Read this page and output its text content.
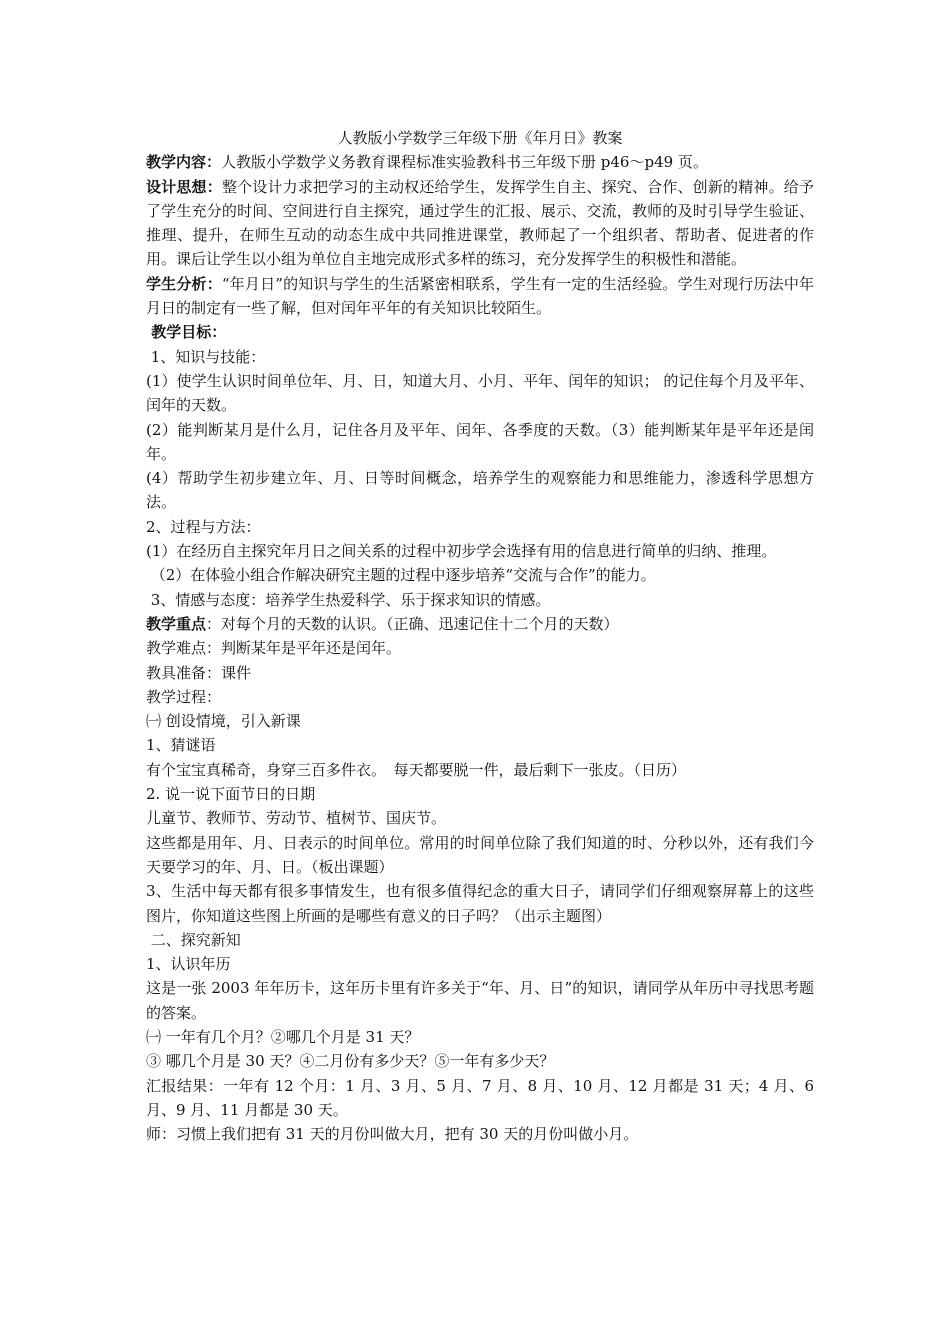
人教版小学数学三年级下册《年月日》教案

教学内容：人教版小学数学义务教育课程标准实验教科书三年级下册 p46～p49 页。

设计思想：整个设计力求把学习的主动权还给学生，发挥学生自主、探究、合作、创新的精神。给予了学生充分的时间、空间进行自主探究，通过学生的汇报、展示、交流，教师的及时引导学生验证、推理、提升，在师生互动的动态生成中共同推进课堂，教师起了一个组织者、帮助者、促进者的作用。课后让学生以小组为单位自主地完成形式多样的练习，充分发挥学生的积极性和潜能。

学生分析：“年月日”的知识与学生的生活紧密相联系，学生有一定的生活经验。学生对现行历法中年月日的制定有一些了解，但对闰年平年的有关知识比较陌生。

教学目标：

1、知识与技能：

(1）使学生认识时间单位年、月、日，知道大月、小月、平年、闰年的知识； 的记住每个月及平年、闰年的天数。

(2）能判断某月是什么月，记住各月及平年、闰年、各季度的天数。（3）能判断某年是平年还是闰年。

(4）帮助学生初步建立年、月、日等时间概念，培养学生的观察能力和思维能力，渗透科学思想方法。

2、过程与方法：

(1）在经历自主探究年月日之间关系的过程中初步学会选择有用的信息进行简单的归纳、推理。

（2）在体验小组合作解决研究主题的过程中逐步培养“交流与合作”的能力。

3、情感与态度：培养学生热爱科学、乐于探求知识的情感。

教学重点：对每个月的天数的认识。（正确、迅速记住十二个月的天数）

教学难点：判断某年是平年还是闰年。

教具准备：课件

教学过程：

㈠ 创设情境，引入新课

1、猜谜语

有个宝宝真稀奇，身穿三百多件衣。　每天都要脱一件，最后剩下一张皮。（日历）

2. 说一说下面节日的日期

儿童节、教师节、劳动节、植树节、国庆节。

这些都是用年、月、日表示的时间单位。常用的时间单位除了我们知道的时、分秒以外，还有我们今天要学习的年、月、日。（板出课题）

3、生活中每天都有很多事情发生，也有很多值得纪念的重大日子，请同学们仔细观察屏幕上的这些图片，你知道这些图上所画的是哪些有意义的日子吗？（出示主题图）

二、探究新知

1、认识年历

这是一张 2003 年年历卡，这年历卡里有许多关于“年、月、日”的知识，请同学从年历中寻找思考题的答案。

㈠ 一年有几个月？②哪几个月是 31 天？

③ 哪几个月是 30 天？④二月份有多少天？⑤一年有多少天？

汇报结果：一年有 12 个月：1 月、3 月、5 月、7 月、8 月、10 月、12 月都是 31 天；4 月、6 月、9 月、11 月都是 30 天。

师：习惯上我们把有 31 天的月份叫做大月，把有 30 天的月份叫做小月。
